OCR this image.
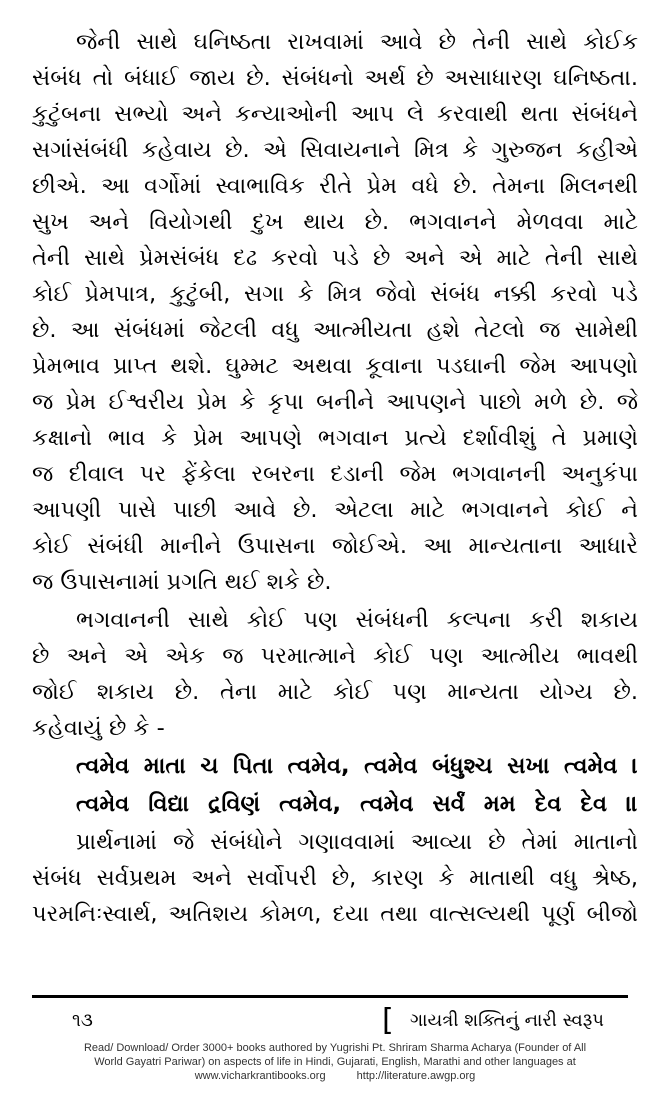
જેની સાથે ઘનિષ્ઠતા રાખવામાં આવે છે તેની સાથે કોઈક
સંબંધ તો બંધાઈ જાય છે. સંબંધનો અર્થ છે અસાધારણ ઘનિષ્ઠતા.
કુટુંબના સભ્યો અને કન્યાઓની આપ લે કરવાથી થતા સંબંધને
સગાંસંબંધી કહેવાય છે. એ સિવાયનાને મિત્ર કે ગુરુજન કહીએ
છીએ. આ વર્ગોમાં સ્વાભાવિક રીતે પ્રેમ વધે છે. તેમના મિલનથી
સુખ અને વિયોગથી દુખ થાય છે. ભગવાનને મેળવવા માટે
તેની સાથે પ્રેમસંબંધ દઢ કરવો પડે છે અને એ માટે તેની સાથે
કોઈ પ્રેમપાત્ર, કુટુંબી, સગા કે મિત્ર જેવો સંબંધ નક્કી કરવો પડે
છે. આ સંબંધમાં જેટલી વધુ આત્મીયતા હશે તેટલો જ સામેથી
પ્રેમભાવ પ્રાપ્ત થશે. ઘુમ્મટ અથવા કૂવાના પડઘાની જેમ આપણો
જ પ્રેમ ઈશ્વરીય પ્રેમ કે કૃપા બનીને આપણને પાછો મળે છે. જે
કક્ષાનો ભાવ કે પ્રેમ આપણે ભગવાન પ્રત્યે દર્શાવીશું તે પ્રમાણે
જ દીવાલ પર ફેંકેલા રબરના દડાની જેમ ભગવાનની અનુકંપા
આપણી પાસે પાછી આવે છે. એટલા માટે ભગવાનને કોઈ ને
કોઈ સંબંધી માનીને ઉપાસના જોઈએ. આ માન્યતાના આધારે
જ ઉપાસનામાં પ્રગતિ થઈ શકે છે.
ભગવાનની સાથે કોઈ પણ સંબંધની કલ્પના કરી શકાય
છે અને એ એક જ પરમાત્માને કોઈ પણ આત્મીય ભાવથી
જોઈ શકાય છે. તેના માટે કોઈ પણ માન્યતા યોગ્ય છે.
કહેવાયું છે કે -
ત્વમેવ માતા ચ પિતા ત્વમેવ, ત્વમેવ બંધુશ્ચ સખા ત્વમેવ ।
ત્વમેવ વિદ્યા દ્રવિણં ત્વમેવ, ત્વમેવ સર્વં મમ દેવ દેવ ॥
પ્રાર્થનામાં જે સંબંધોને ગણાવવામાં આવ્યા છે તેમાં માતાનો
સંબંધ સર્વપ્રથમ અને સર્વોપરી છે, કારણ કે માતાથી વધુ શ્રેષ્ઠ,
પરમનિઃસ્વાર્થ, અતિશય કોમળ, દયા તથા વાત્સલ્યથી પૂર્ણ બીજો
૧૩	[ ગાયત્રી શક્તિનું નારી સ્વરૂપ
Read/ Download/ Order 3000+ books authored by Yugrishi Pt. Shriram Sharma Acharya (Founder of All
World Gayatri Pariwar) on aspects of life in Hindi, Gujarati, English, Marathi and other languages at
www.vicharkrantibooks.org	http://literature.awgp.org
